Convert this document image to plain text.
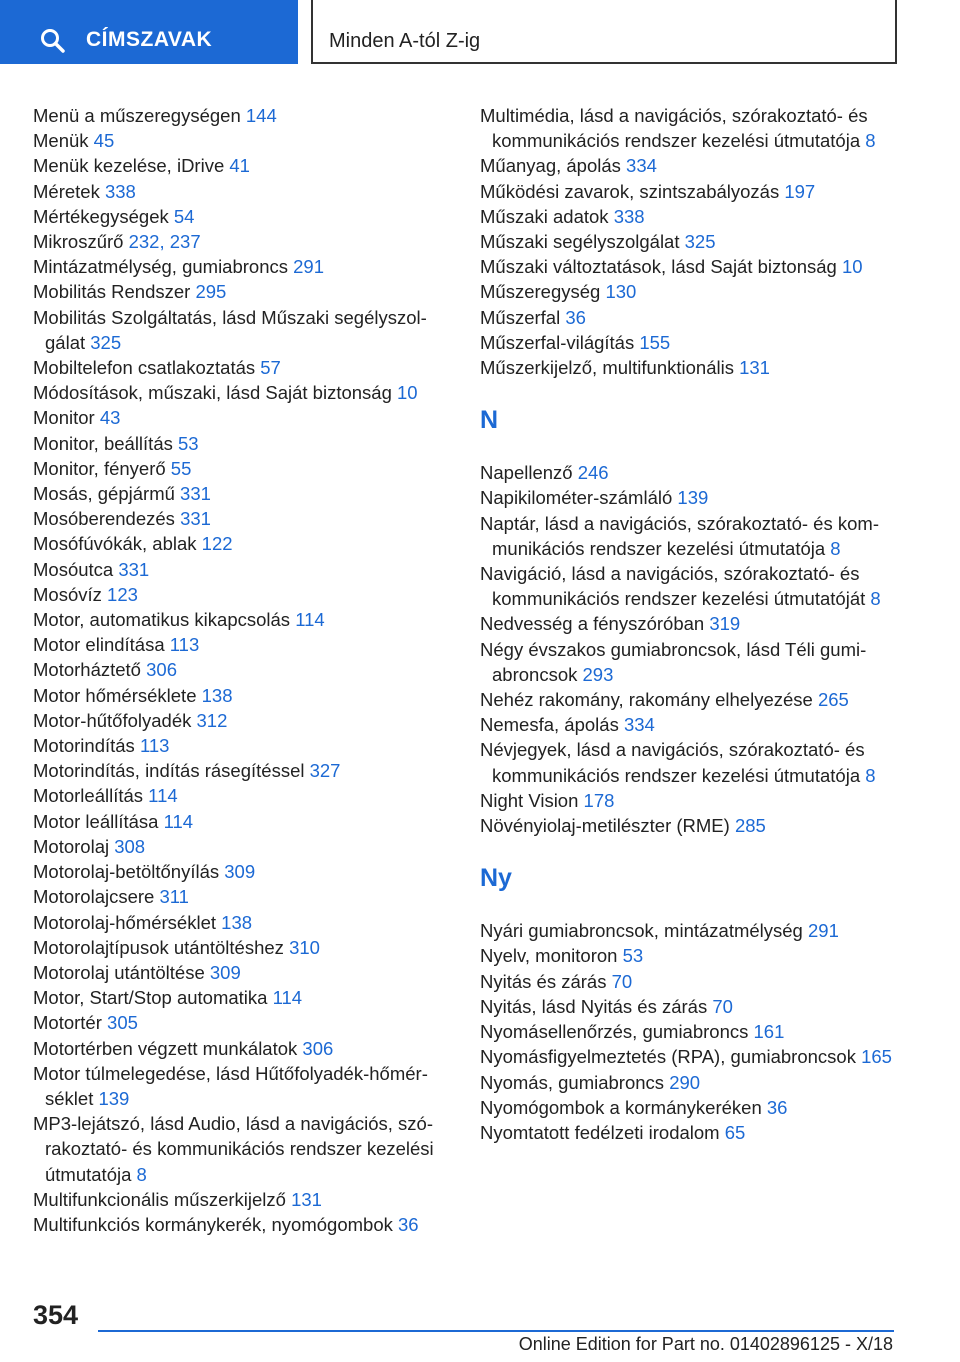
CÍMSZAVAK	Minden A-tól Z-ig
Menü a műszeregységen 144
Menük 45
Menük kezelése, iDrive 41
Méretek 338
Mértékegységek 54
Mikroszűrő 232, 237
Mintázatmélység, gumiabroncs 291
Mobilitás Rendszer 295
Mobilitás Szolgáltatás, lásd Műszaki segélyszolgálat 325
Mobiltelefon csatlakoztatás 57
Módosítások, műszaki, lásd Saját biztonság 10
Monitor 43
Monitor, beállítás 53
Monitor, fényerő 55
Mosás, gépjármű 331
Mosóberendezés 331
Mosófúvókák, ablak 122
Mosóutca 331
Mosóvíz 123
Motor, automatikus kikapcsolás 114
Motor elindítása 113
Motorháztető 306
Motor hőmérséklete 138
Motor-hűtőfolyadék 312
Motorindítás 113
Motorindítás, indítás rásegítéssel 327
Motorleállítás 114
Motor leállítása 114
Motorolaj 308
Motorolaj-betöltőnyílás 309
Motorolajcsere 311
Motorolaj-hőmérséklet 138
Motorolajtípusok utántöltéshez 310
Motorolaj utántöltése 309
Motor, Start/Stop automatika 114
Motortér 305
Motortérben végzett munkálatok 306
Motor túlmelegedése, lásd Hűtőfolyadék-hőmérséklet 139
MP3-lejátszó, lásd Audio, lásd a navigációs, szórakoztató- és kommunikációs rendszer kezelési útmutatója 8
Multifunkcionális műszerkijelző 131
Multifunkciós kormánykerék, nyomógombok 36
Multimédia, lásd a navigációs, szórakoztató- és kommunikációs rendszer kezelési útmutatója 8
Műanyag, ápolás 334
Működési zavarok, szintszabályozás 197
Műszaki adatok 338
Műszaki segélyszolgálat 325
Műszaki változtatások, lásd Saját biztonság 10
Műszeregység 130
Műszerfal 36
Műszerfal-világítás 155
Műszerkijelző, multifunktionális 131
N
Napellenző 246
Napikilométer-számláló 139
Naptár, lásd a navigációs, szórakoztató- és kommunikációs rendszer kezelési útmutatója 8
Navigáció, lásd a navigációs, szórakoztató- és kommunikációs rendszer kezelési útmutatóját 8
Nedvesség a fényszóróban 319
Négy évszakos gumiabroncsok, lásd Téli gumiabroncsok 293
Nehéz rakomány, rakomány elhelyezése 265
Nemesfa, ápolás 334
Névjegyek, lásd a navigációs, szórakoztató- és kommunikációs rendszer kezelési útmutatója 8
Night Vision 178
Növényiolaj-metilészter (RME) 285
Ny
Nyári gumiabroncsok, mintázatmélység 291
Nyelv, monitoron 53
Nyitás és zárás 70
Nyitás, lásd Nyitás és zárás 70
Nyomásellenőrzés, gumiabroncs 161
Nyomásfigyelmeztetés (RPA), gumiabroncsok 165
Nyomás, gumiabroncs 290
Nyomógombok a kormánykeréken 36
Nyomtatott fedélzeti irodalom 65
354
Online Edition for Part no. 01402896125 - X/18
